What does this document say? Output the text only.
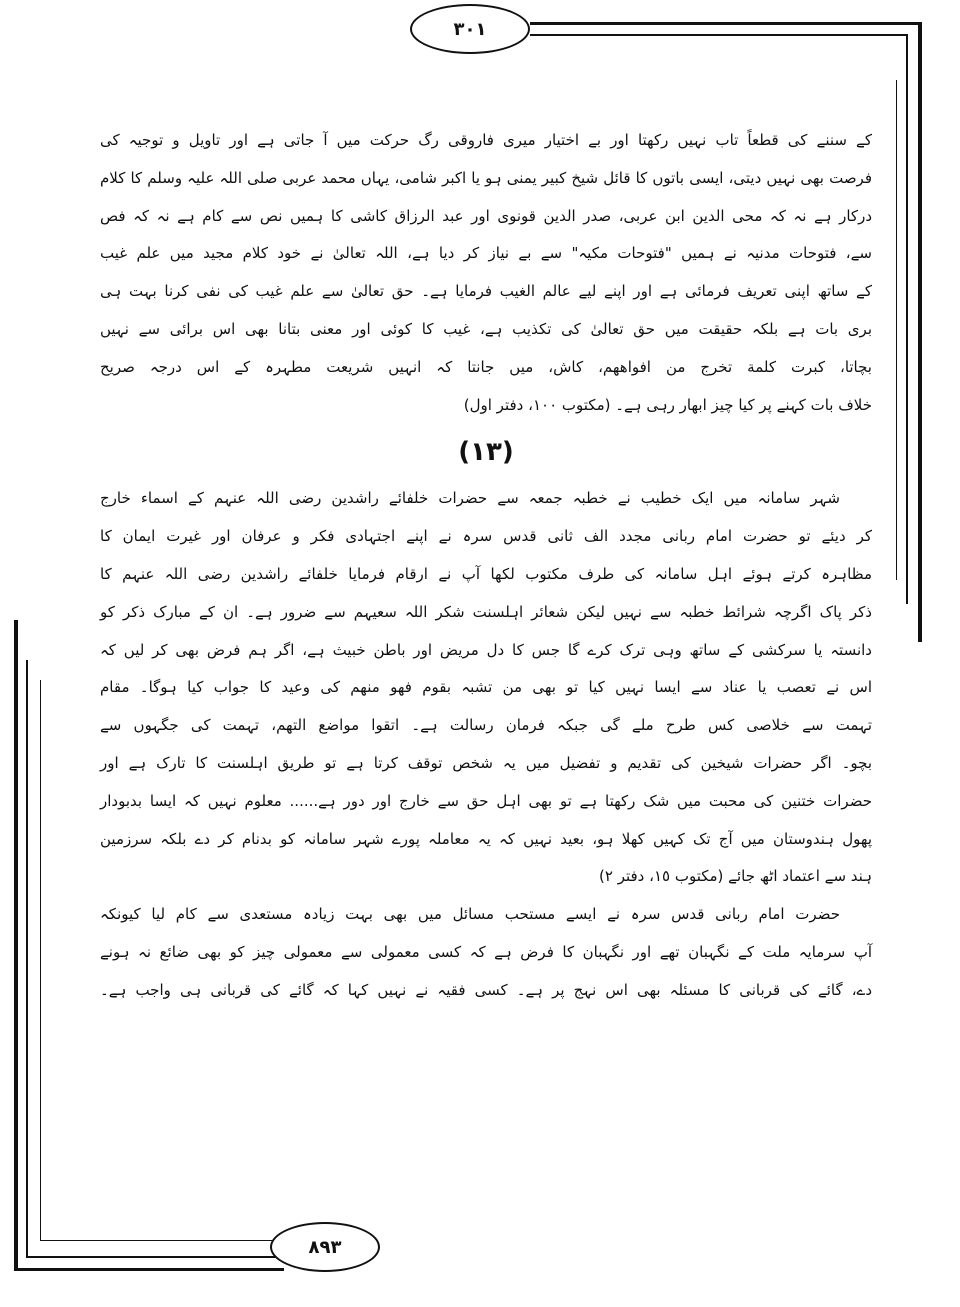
٣٠١
٨٩٣
کے سننے کی قطعاً تاب نہیں رکھتا اور بے اختیار میری فاروقی رگ حرکت میں آ جاتی ہے اور تاویل و توجیہ کی
فرصت بھی نہیں دیتی، ایسی باتوں کا قائل شیخ کبیر یمنی ہو یا اکبر شامی، یہاں محمد عربی صلی اللہ علیہ وسلم کا کلام
درکار ہے نہ کہ محی الدین ابن عربی، صدر الدین قونوی اور عبد الرزاق کاشی کا ہمیں نص سے کام ہے نہ کہ فص
سے، فتوحات مدنیہ نے ہمیں "فتوحات مکیہ" سے بے نیاز کر دیا ہے، اللہ تعالیٰ نے خود کلام مجید میں علم غیب
کے ساتھ اپنی تعریف فرمائی ہے اور اپنے لیے عالم الغیب فرمایا ہے۔ حق تعالیٰ سے علم غیب کی نفی کرنا بہت ہی
بری بات ہے بلکہ حقیقت میں حق تعالیٰ کی تکذیب ہے، غیب کا کوئی اور معنی بتانا بھی اس برائی سے نہیں
بچاتا، کبرت کلمة تخرج من افواههم، کاش، میں جانتا کہ انہیں شریعت مطہرہ کے اس درجہ صریح
خلاف بات کہنے پر کیا چیز ابھار رہی ہے۔ (مکتوب ١٠٠، دفتر اول)
(١٣)
شہر سامانہ میں ایک خطیب نے خطبہ جمعہ سے حضرات خلفائے راشدین رضی اللہ عنہم کے اسماء خارج
کر دیئے تو حضرت امام ربانی مجدد الف ثانی قدس سرہ نے اپنے اجتہادی فکر و عرفان اور غیرت ایمان کا
مظاہرہ کرتے ہوئے اہل سامانہ کی طرف مکتوب لکھا آپ نے ارقام فرمایا خلفائے راشدین رضی اللہ عنہم کا
ذکر پاک اگرچہ شرائط خطبہ سے نہیں لیکن شعائر اہلسنت شکر اللہ سعیہم سے ضرور ہے۔ ان کے مبارک ذکر کو
دانستہ یا سرکشی کے ساتھ وہی ترک کرے گا جس کا دل مریض اور باطن خبیث ہے، اگر ہم فرض بھی کر لیں کہ
اس نے تعصب یا عناد سے ایسا نہیں کیا تو بھی من تشبہ بقوم فهو منهم کی وعید کا جواب کیا ہوگا۔ مقام
تہمت سے خلاصی کس طرح ملے گی جبکہ فرمان رسالت ہے۔ اتقوا مواضع التهم، تہمت کی جگہوں سے
بچو۔ اگر حضرات شیخین کی تقدیم و تفضیل میں یہ شخص توقف کرتا ہے تو طریق اہلسنت کا تارک ہے اور
حضرات ختنین کی محبت میں شک رکھتا ہے تو بھی اہل حق سے خارج اور دور ہے...... معلوم نہیں کہ ایسا بدبودار
پھول ہندوستان میں آج تک کہیں کھلا ہو، بعید نہیں کہ یہ معاملہ پورے شہر سامانہ کو بدنام کر دے بلکہ سرزمین
ہند سے اعتماد اٹھ جائے (مکتوب ١٥، دفتر ٢)
حضرت امام ربانی قدس سرہ نے ایسے مستحب مسائل میں بھی بہت زیادہ مستعدی سے کام لیا کیونکہ
آپ سرمایہ ملت کے نگہبان تھے اور نگہبان کا فرض ہے کہ کسی معمولی سے معمولی چیز کو بھی ضائع نہ ہونے
دے، گائے کی قربانی کا مسئلہ بھی اس نہج پر ہے۔ کسی فقیہ نے نہیں کہا کہ گائے کی قربانی ہی واجب ہے۔
